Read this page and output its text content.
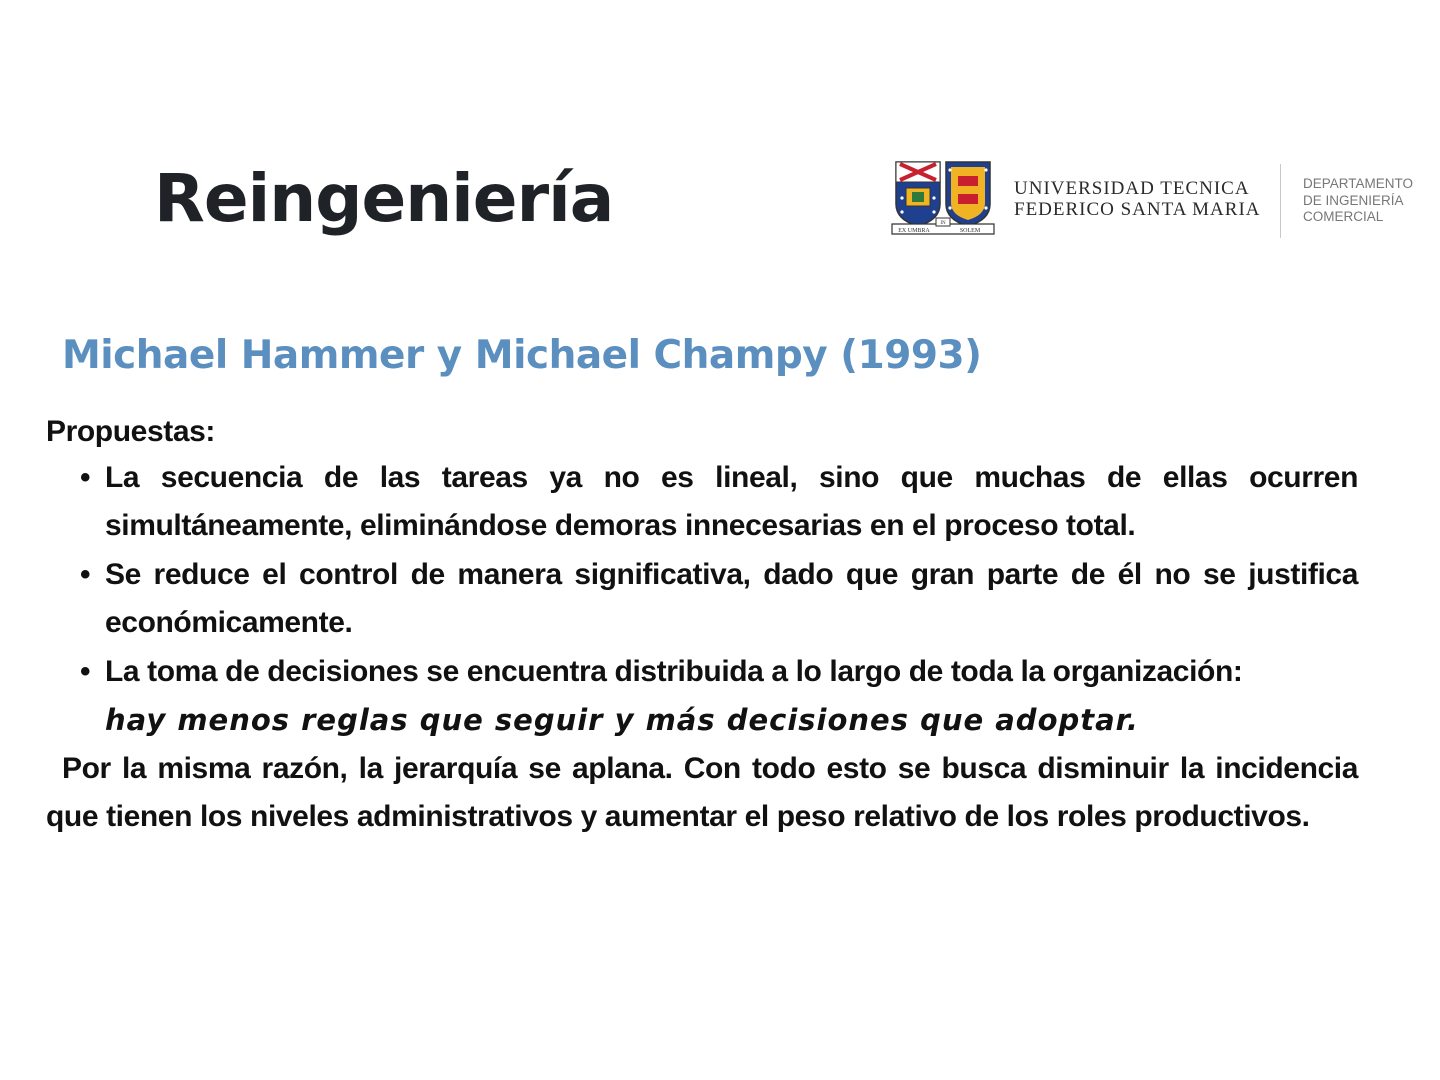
Reingeniería	EX UMBRA
IN
SOLEM
UNIVERSIDAD TECNICA
FEDERICO SANTA MARIA
DEPARTAMENTO
DE INGENIERÍA
COMERCIAL
Michael Hammer y Michael Champy (1993)

Propuestas:

• La secuencia de las tareas ya no es lineal, sino que muchas de ellas ocurren simultáneamente, eliminándose demoras innecesarias en el proceso total.
• Se reduce el control de manera significativa, dado que gran parte de él no se justifica económicamente.
• La toma de decisiones se encuentra distribuida a lo largo de toda la organización:
hay menos reglas que seguir y más decisiones que adoptar.

Por la misma razón, la jerarquía se aplana. Con todo esto se busca disminuir la incidencia que tienen los niveles administrativos y aumentar el peso relativo de los roles productivos.
